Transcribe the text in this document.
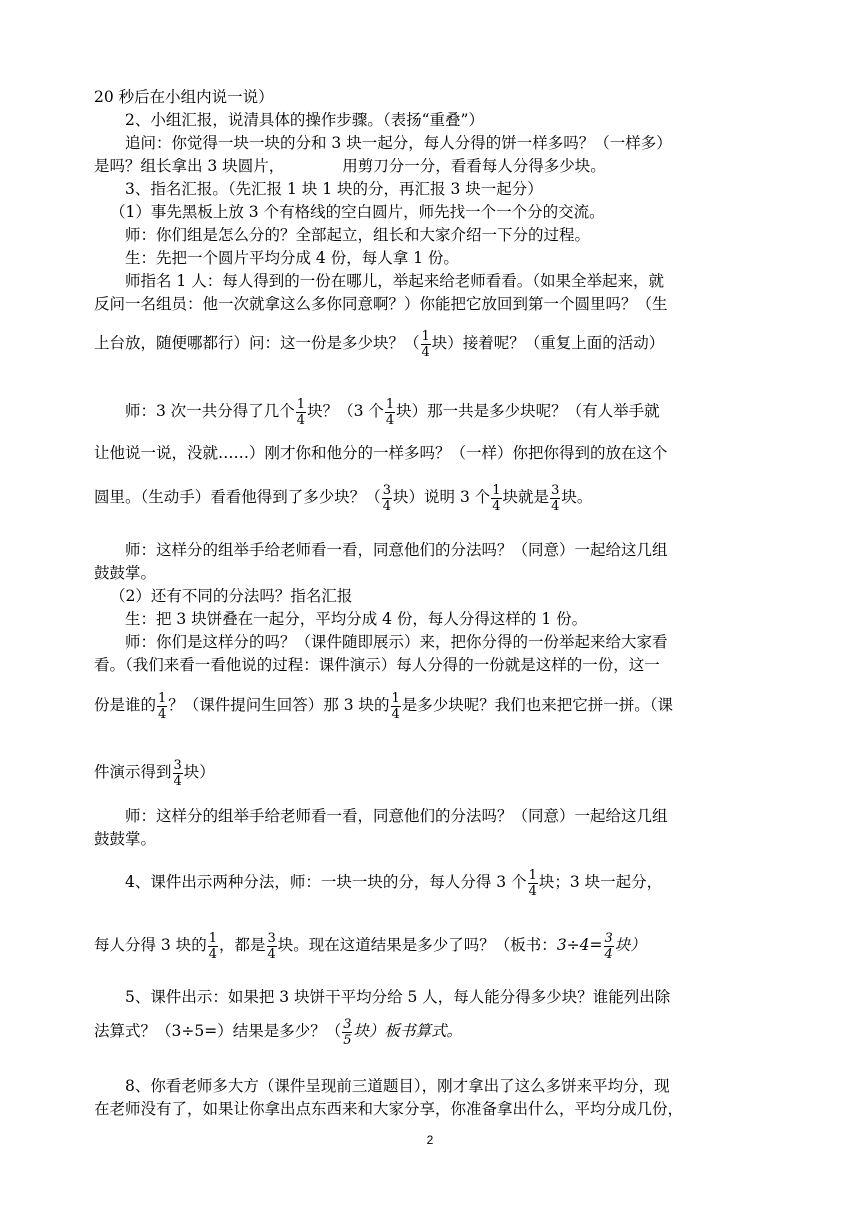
20 秒后在小组内说一说）
2、小组汇报，说清具体的操作步骤。（表扬“重叠”）
追问：你觉得一块一块的分和 3 块一起分，每人分得的饼一样多吗？（一样多）
是吗？组长拿出 3 块圆片，	用剪刀分一分，看看每人分得多少块。
3、指名汇报。（先汇报 1 块 1 块的分，再汇报 3 块一起分）
（1）事先黑板上放 3 个有格线的空白圆片，师先找一个一个分的交流。
师：你们组是怎么分的？全部起立，组长和大家介绍一下分的过程。
生：先把一个圆片平均分成 4 份，每人拿 1 份。
师指名 1 人：每人得到的一份在哪儿，举起来给老师看看。（如果全举起来，就
反问一名组员：他一次就拿这么多你同意啊？）你能把它放回到第一个圆里吗？（生
上台放，随便哪都行）问：这一份是多少块？（ $\frac{1}{4}$ 块）接着呢？（重复上面的活动）
师：3 次一共分得了几个 $\frac{1}{4}$ 块？（3 个 $\frac{1}{4}$ 块）那一共是多少块呢？（有人举手就
让他说一说，没就……）刚才你和他分的一样多吗？（一样）你把你得到的放在这个
圆里。（生动手）看看他得到了多少块？（ $\frac{3}{4}$ 块）说明 3 个 $\frac{1}{4}$ 块就是 $\frac{3}{4}$ 块。
师：这样分的组举手给老师看一看，同意他们的分法吗？（同意）一起给这几组
鼓鼓掌。
（2）还有不同的分法吗？指名汇报
生：把 3 块饼叠在一起分，平均分成 4 份，每人分得这样的 1 份。
师：你们是这样分的吗？（课件随即展示）来，把你分得的一份举起来给大家看
看。（我们来看一看他说的过程：课件演示）每人分得的一份就是这样的一份，这一
份是谁的 $\frac{1}{4}$ ？（课件提问生回答）那 3 块的 $\frac{1}{4}$ 是多少块呢？我们也来把它拼一拼。（课
件演示得到 $\frac{3}{4}$ 块）
师：这样分的组举手给老师看一看，同意他们的分法吗？（同意）一起给这几组
鼓鼓掌。
4、课件出示两种分法，师：一块一块的分，每人分得 3 个 $\frac{1}{4}$ 块；3 块一起分，
每人分得 3 块的 $\frac{1}{4}$ ，都是 $\frac{3}{4}$ 块。现在这道结果是多少了吗？（板书：$3\div 4= \frac{3}{4}$ 块）
5、课件出示：如果把 3 块饼干平均分给 5 人，每人能分得多少块？谁能列出除
法算式？（3÷5=）结果是多少？（ $\frac{3}{5}$ 块）板书算式。
8、你看老师多大方（课件呈现前三道题目），刚才拿出了这么多饼来平均分，现
在老师没有了，如果让你拿出点东西来和大家分享，你准备拿出什么，平均分成几份，
2
